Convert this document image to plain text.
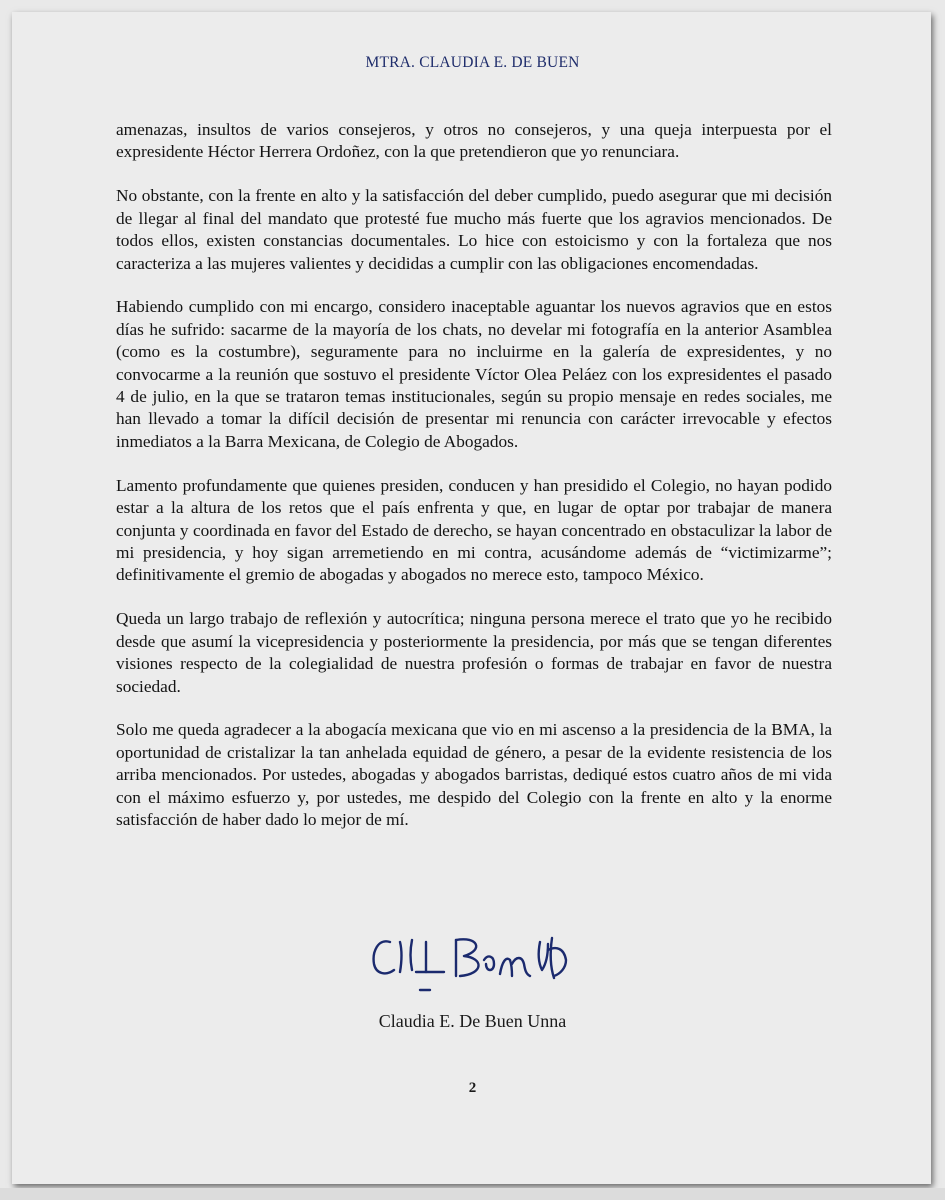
MTRA. CLAUDIA E. DE BUEN

amenazas, insultos de varios consejeros, y otros no consejeros, y una queja interpuesta por el expresidente Héctor Herrera Ordoñez, con la que pretendieron que yo renunciara.

No obstante, con la frente en alto y la satisfacción del deber cumplido, puedo asegurar que mi decisión de llegar al final del mandato que protesté fue mucho más fuerte que los agravios mencionados. De todos ellos, existen constancias documentales. Lo hice con estoicismo y con la fortaleza que nos caracteriza a las mujeres valientes y decididas a cumplir con las obligaciones encomendadas.

Habiendo cumplido con mi encargo, considero inaceptable aguantar los nuevos agravios que en estos días he sufrido: sacarme de la mayoría de los chats, no develar mi fotografía en la anterior Asamblea (como es la costumbre), seguramente para no incluirme en la galería de expresidentes, y no convocarme a la reunión que sostuvo el presidente Víctor Olea Peláez con los expresidentes el pasado 4 de julio, en la que se trataron temas institucionales, según su propio mensaje en redes sociales, me han llevado a tomar la difícil decisión de presentar mi renuncia con carácter irrevocable y efectos inmediatos a la Barra Mexicana, de Colegio de Abogados.

Lamento profundamente que quienes presiden, conducen y han presidido el Colegio, no hayan podido estar a la altura de los retos que el país enfrenta y que, en lugar de optar por trabajar de manera conjunta y coordinada en favor del Estado de derecho, se hayan concentrado en obstaculizar la labor de mi presidencia, y hoy sigan arremetiendo en mi contra, acusándome además de “victimizarme”; definitivamente el gremio de abogadas y abogados no merece esto, tampoco México.

Queda un largo trabajo de reflexión y autocrítica; ninguna persona merece el trato que yo he recibido desde que asumí la vicepresidencia y posteriormente la presidencia, por más que se tengan diferentes visiones respecto de la colegialidad de nuestra profesión o formas de trabajar en favor de nuestra sociedad.

Solo me queda agradecer a la abogacía mexicana que vio en mi ascenso a la presidencia de la BMA, la oportunidad de cristalizar la tan anhelada equidad de género, a pesar de la evidente resistencia de los arriba mencionados. Por ustedes, abogadas y abogados barristas, dediqué estos cuatro años de mi vida con el máximo esfuerzo y, por ustedes, me despido del Colegio con la frente en alto y la enorme satisfacción de haber dado lo mejor de mí.

Claudia E. De Buen Unna
2
